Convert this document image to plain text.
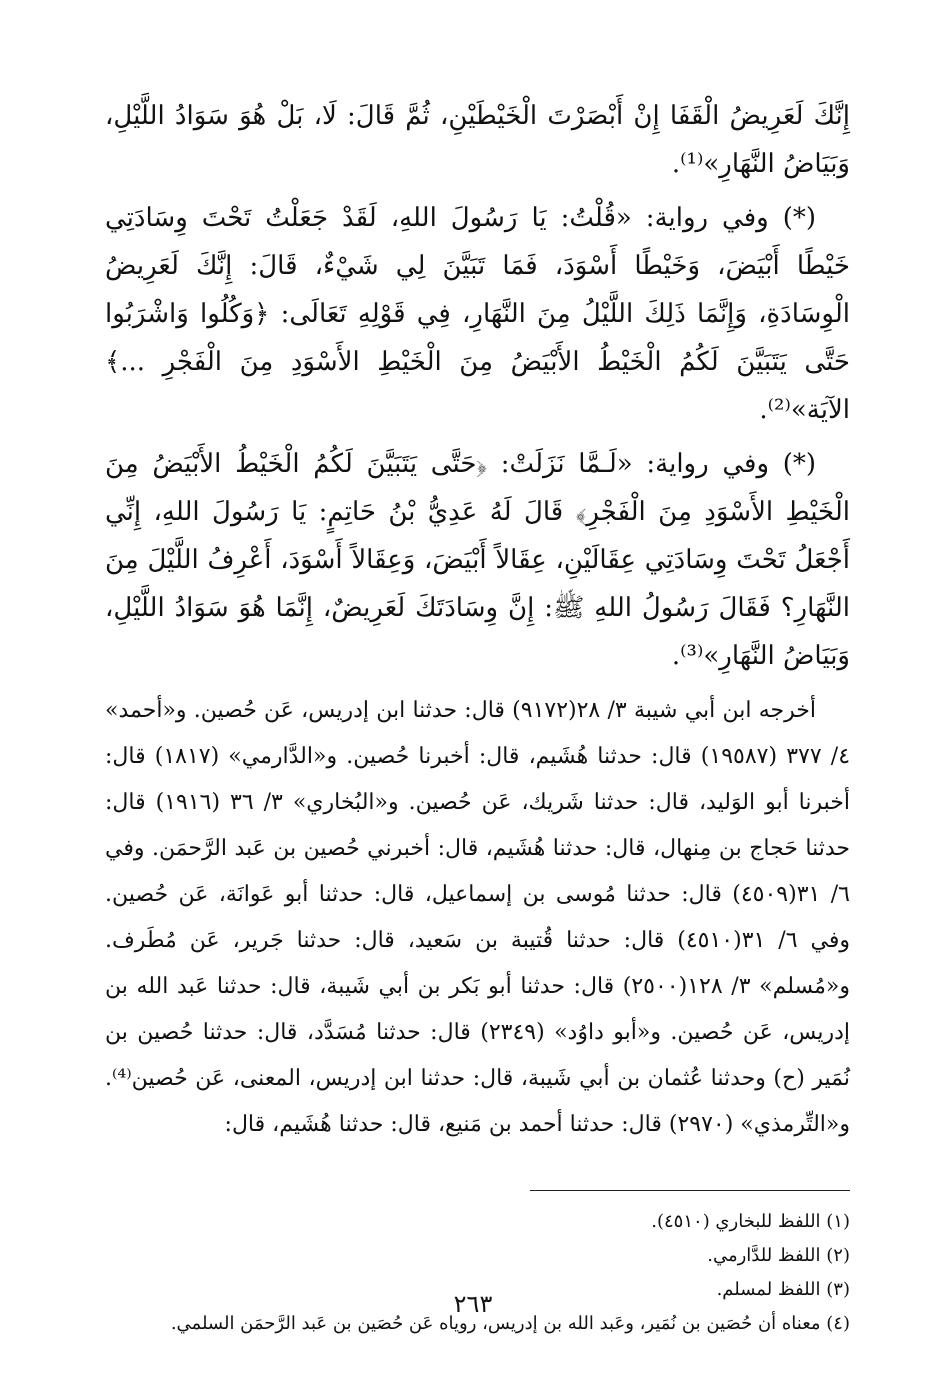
إِنَّكَ لَعَرِيضُ الْقَفَا إِنْ أَبْصَرْتَ الْخَيْطَيْنِ، ثُمَّ قَالَ: لَا، بَلْ هُوَ سَوَادُ اللَّيْلِ، وَبَيَاضُ النَّهَارِ»⁽¹⁾.

(*) وفي رواية: «قُلْتُ: يَا رَسُولَ اللهِ، لَقَدْ جَعَلْتُ تَحْتَ وِسَادَتِي خَيْطًا أَبْيَضَ، وَخَيْطًا أَسْوَدَ، فَمَا تَبَيَّنَ لِي شَيْءٌ، قَالَ: إِنَّكَ لَعَرِيضُ الْوِسَادَةِ، وَإِنَّمَا ذَلِكَ اللَّيْلُ مِنَ النَّهَارِ، فِي قَوْلِهِ تَعَالَى: ﴿وَكُلُوا وَاشْرَبُوا حَتَّى يَتَبَيَّنَ لَكُمُ الْخَيْطُ الأَبْيَضُ مِنَ الْخَيْطِ الأَسْوَدِ مِنَ الْفَجْرِ ...﴾ الآيَة»⁽²⁾.

(*) وفي رواية: «لَـمَّا نَزَلَتْ: ﴿حَتَّى يَتَبَيَّنَ لَكُمُ الْخَيْطُ الأَبْيَضُ مِنَ الْخَيْطِ الأَسْوَدِ مِنَ الْفَجْرِ﴾ قَالَ لَهُ عَدِيُّ بْنُ حَاتِمٍ: يَا رَسُولَ اللهِ، إِنِّي أَجْعَلُ تَحْتَ وِسَادَتِي عِقَالَيْنِ، عِقَالاً أَبْيَضَ، وَعِقَالاً أَسْوَدَ، أَعْرِفُ اللَّيْلَ مِنَ النَّهَارِ؟ فَقَالَ رَسُولُ اللهِ ﷺ: إِنَّ وِسَادَتَكَ لَعَرِيضٌ، إِنَّمَا هُوَ سَوَادُ اللَّيْلِ، وَبَيَاضُ النَّهَارِ»⁽³⁾.

أخرجه ابن أبي شيبة ٣/ ٢٨(٩١٧٢) قال: حدثنا ابن إدريس، عَن حُصين. و«أحمد» ٤/ ٣٧٧ (١٩٥٨٧) قال: حدثنا هُشَيم، قال: أخبرنا حُصين. و«الدَّارمي» (١٨١٧) قال: أخبرنا أبو الوَليد، قال: حدثنا شَريك، عَن حُصين. و«البُخاري» ٣/ ٣٦ (١٩١٦) قال: حدثنا حَجاج بن مِنهال، قال: حدثنا هُشَيم، قال: أخبرني حُصين بن عَبد الرَّحمَن. وفي ٦/ ٣١(٤٥٠٩) قال: حدثنا مُوسى بن إسماعيل، قال: حدثنا أبو عَوانَة، عَن حُصين. وفي ٦/ ٣١(٤٥١٠) قال: حدثنا قُتيبة بن سَعيد، قال: حدثنا جَرير، عَن مُطَرف. و«مُسلم» ٣/ ١٢٨(٢٥٠٠) قال: حدثنا أبو بَكر بن أبي شَيبة، قال: حدثنا عَبد الله بن إدريس، عَن حُصين. و«أبو داوُد» (٢٣٤٩) قال: حدثنا مُسَدَّد، قال: حدثنا حُصين بن نُمَير (ح) وحدثنا عُثمان بن أبي شَيبة، قال: حدثنا ابن إدريس، المعنى، عَن حُصين⁽⁴⁾. و«التِّرمذي» (٢٩٧٠) قال: حدثنا أحمد بن مَنيع، قال: حدثنا هُشَيم، قال:

(١) اللفظ للبخاري (٤٥١٠).

(٢) اللفظ للدَّارمي.

(٣) اللفظ لمسلم.

(٤) معناه أن حُصَين بن نُمَير، وعَبد الله بن إدريس، روياه عَن حُصَين بن عَبد الرَّحمَن السلمي.

٢٦٣
